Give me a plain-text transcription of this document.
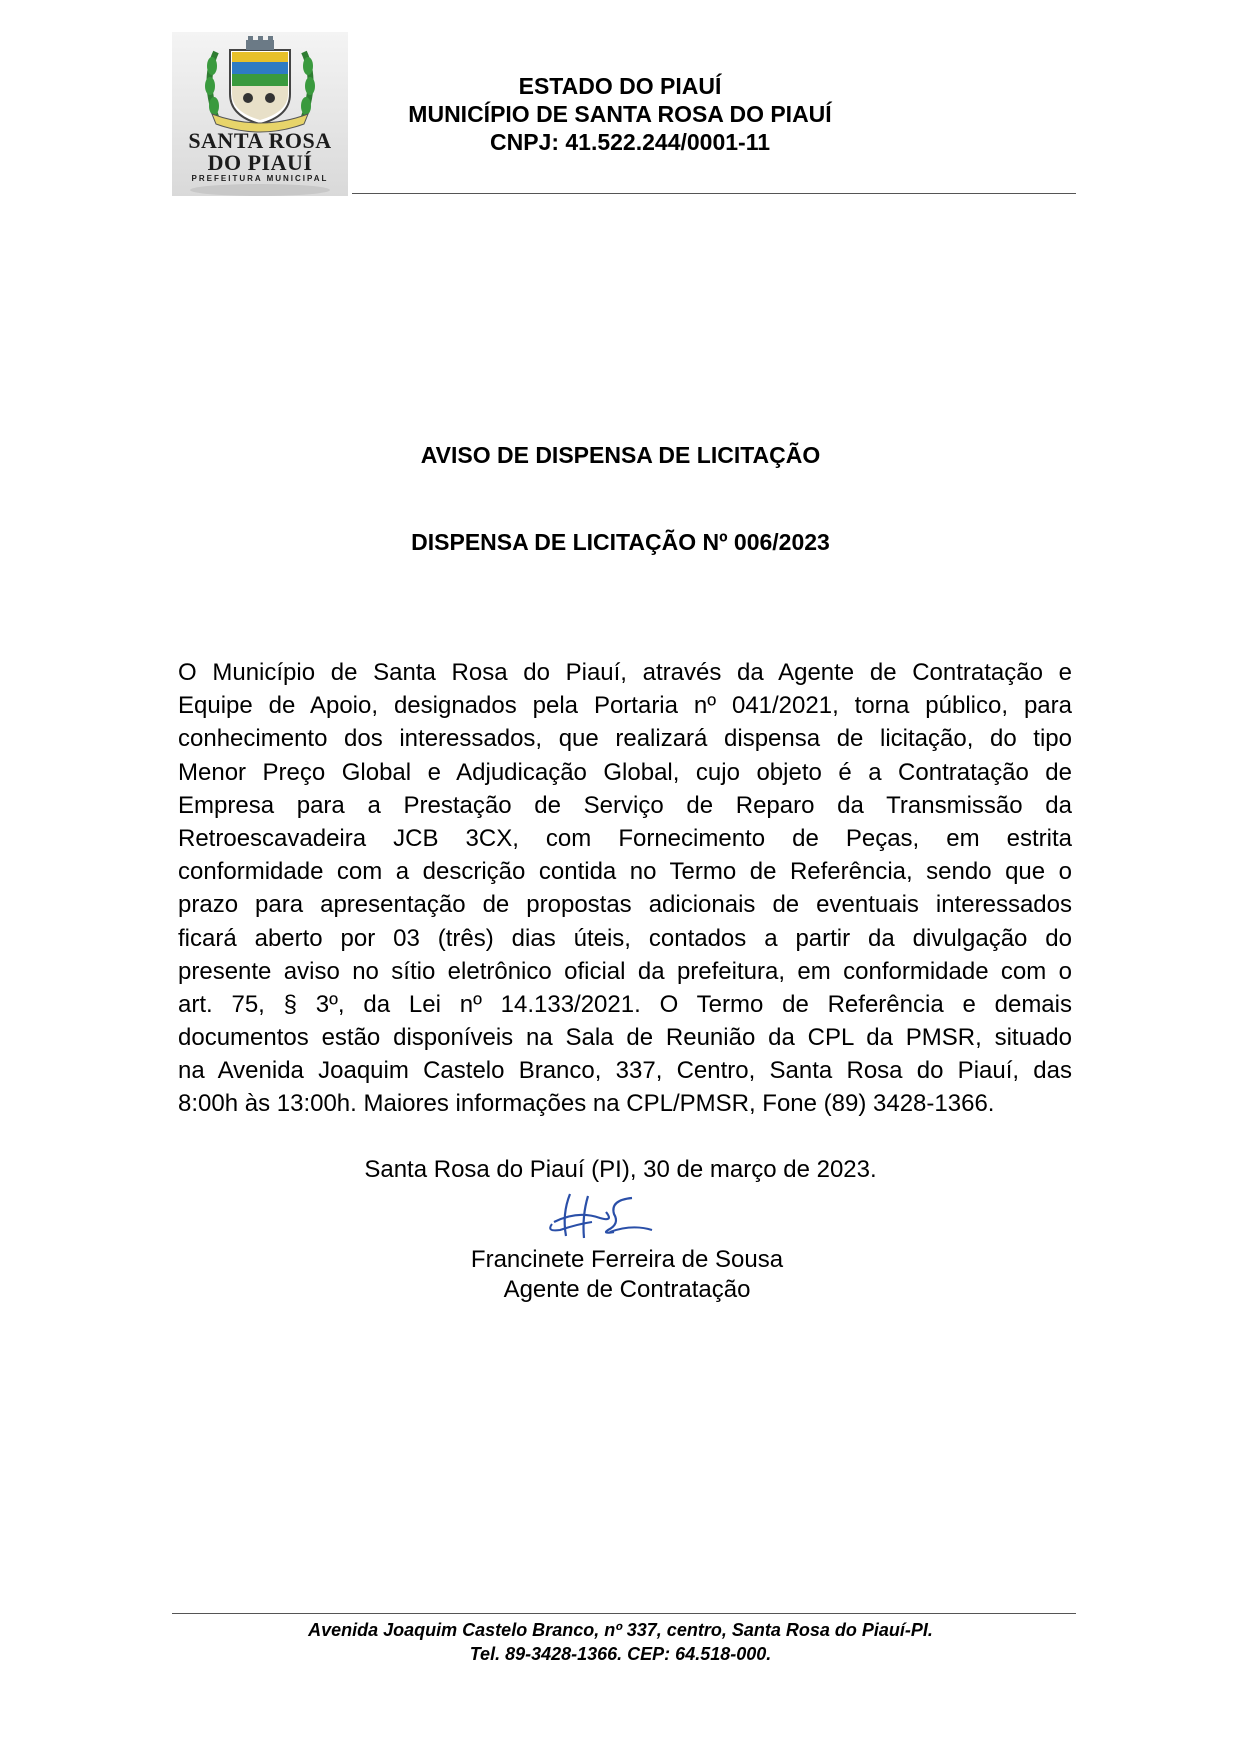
SANTA ROSA
DO PIAUÍ
PREFEITURA MUNICIPAL
ESTADO DO PIAUÍ
MUNICÍPIO DE SANTA ROSA DO PIAUÍ
CNPJ: 41.522.244/0001-11
AVISO DE DISPENSA DE LICITAÇÃO
DISPENSA DE LICITAÇÃO Nº 006/2023
O Município de Santa Rosa do Piauí, através da Agente de Contratação e
Equipe de Apoio, designados pela Portaria nº 041/2021, torna público, para
conhecimento dos interessados, que realizará dispensa de licitação, do tipo
Menor Preço Global e Adjudicação Global, cujo objeto é a Contratação de
Empresa para a Prestação de Serviço de Reparo da Transmissão da
Retroescavadeira JCB 3CX, com Fornecimento de Peças, em estrita
conformidade com a descrição contida no Termo de Referência, sendo que o
prazo para apresentação de propostas adicionais de eventuais interessados
ficará aberto por 03 (três) dias úteis, contados a partir da divulgação do
presente aviso no sítio eletrônico oficial da prefeitura, em conformidade com o
art. 75, § 3º, da Lei nº 14.133/2021. O Termo de Referência e demais
documentos estão disponíveis na Sala de Reunião da CPL da PMSR, situado
na Avenida Joaquim Castelo Branco, 337, Centro, Santa Rosa do Piauí, das
8:00h às 13:00h. Maiores informações na CPL/PMSR, Fone (89) 3428-1366.
Santa Rosa do Piauí (PI), 30 de março de 2023.
Francinete Ferreira de Sousa
Agente de Contratação
Avenida Joaquim Castelo Branco, nº 337, centro, Santa Rosa do Piauí-PI.
Tel. 89-3428-1366. CEP: 64.518-000.
